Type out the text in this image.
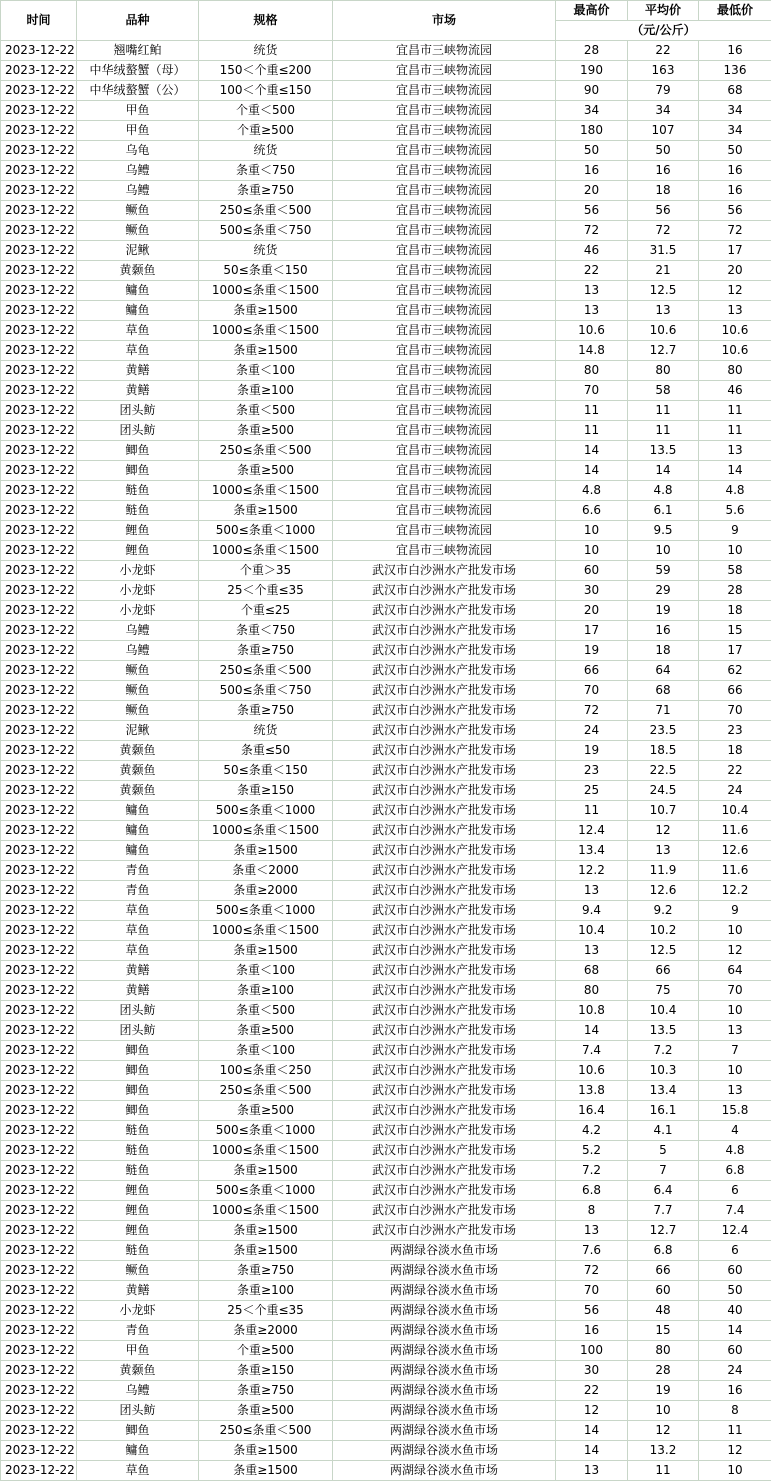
时间	品种	规格	市场	最高价	平均价	最低价
				（元/公斤）		
2023-12-22	翘嘴红鲌	统货	宜昌市三峡物流园	28	22	16
2023-12-22	中华绒螯蟹（母）	150＜个重≤200	宜昌市三峡物流园	190	163	136
2023-12-22	中华绒螯蟹（公）	100＜个重≤150	宜昌市三峡物流园	90	79	68
2023-12-22	甲鱼	个重＜500	宜昌市三峡物流园	34	34	34
2023-12-22	甲鱼	个重≥500	宜昌市三峡物流园	180	107	34
2023-12-22	乌龟	统货	宜昌市三峡物流园	50	50	50
2023-12-22	乌鳢	条重＜750	宜昌市三峡物流园	16	16	16
2023-12-22	乌鳢	条重≥750	宜昌市三峡物流园	20	18	16
2023-12-22	鳜鱼	250≤条重＜500	宜昌市三峡物流园	56	56	56
2023-12-22	鳜鱼	500≤条重＜750	宜昌市三峡物流园	72	72	72
2023-12-22	泥鳅	统货	宜昌市三峡物流园	46	31.5	17
2023-12-22	黄颡鱼	50≤条重＜150	宜昌市三峡物流园	22	21	20
2023-12-22	鳙鱼	1000≤条重＜1500	宜昌市三峡物流园	13	12.5	12
2023-12-22	鳙鱼	条重≥1500	宜昌市三峡物流园	13	13	13
2023-12-22	草鱼	1000≤条重＜1500	宜昌市三峡物流园	10.6	10.6	10.6
2023-12-22	草鱼	条重≥1500	宜昌市三峡物流园	14.8	12.7	10.6
2023-12-22	黄鳝	条重＜100	宜昌市三峡物流园	80	80	80
2023-12-22	黄鳝	条重≥100	宜昌市三峡物流园	70	58	46
2023-12-22	团头鲂	条重＜500	宜昌市三峡物流园	11	11	11
2023-12-22	团头鲂	条重≥500	宜昌市三峡物流园	11	11	11
2023-12-22	鲫鱼	250≤条重＜500	宜昌市三峡物流园	14	13.5	13
2023-12-22	鲫鱼	条重≥500	宜昌市三峡物流园	14	14	14
2023-12-22	鲢鱼	1000≤条重＜1500	宜昌市三峡物流园	4.8	4.8	4.8
2023-12-22	鲢鱼	条重≥1500	宜昌市三峡物流园	6.6	6.1	5.6
2023-12-22	鲤鱼	500≤条重＜1000	宜昌市三峡物流园	10	9.5	9
2023-12-22	鲤鱼	1000≤条重＜1500	宜昌市三峡物流园	10	10	10
2023-12-22	小龙虾	个重＞35	武汉市白沙洲水产批发市场	60	59	58
2023-12-22	小龙虾	25＜个重≤35	武汉市白沙洲水产批发市场	30	29	28
2023-12-22	小龙虾	个重≤25	武汉市白沙洲水产批发市场	20	19	18
2023-12-22	乌鳢	条重＜750	武汉市白沙洲水产批发市场	17	16	15
2023-12-22	乌鳢	条重≥750	武汉市白沙洲水产批发市场	19	18	17
2023-12-22	鳜鱼	250≤条重＜500	武汉市白沙洲水产批发市场	66	64	62
2023-12-22	鳜鱼	500≤条重＜750	武汉市白沙洲水产批发市场	70	68	66
2023-12-22	鳜鱼	条重≥750	武汉市白沙洲水产批发市场	72	71	70
2023-12-22	泥鳅	统货	武汉市白沙洲水产批发市场	24	23.5	23
2023-12-22	黄颡鱼	条重≤50	武汉市白沙洲水产批发市场	19	18.5	18
2023-12-22	黄颡鱼	50≤条重＜150	武汉市白沙洲水产批发市场	23	22.5	22
2023-12-22	黄颡鱼	条重≥150	武汉市白沙洲水产批发市场	25	24.5	24
2023-12-22	鳙鱼	500≤条重＜1000	武汉市白沙洲水产批发市场	11	10.7	10.4
2023-12-22	鳙鱼	1000≤条重＜1500	武汉市白沙洲水产批发市场	12.4	12	11.6
2023-12-22	鳙鱼	条重≥1500	武汉市白沙洲水产批发市场	13.4	13	12.6
2023-12-22	青鱼	条重＜2000	武汉市白沙洲水产批发市场	12.2	11.9	11.6
2023-12-22	青鱼	条重≥2000	武汉市白沙洲水产批发市场	13	12.6	12.2
2023-12-22	草鱼	500≤条重＜1000	武汉市白沙洲水产批发市场	9.4	9.2	9
2023-12-22	草鱼	1000≤条重＜1500	武汉市白沙洲水产批发市场	10.4	10.2	10
2023-12-22	草鱼	条重≥1500	武汉市白沙洲水产批发市场	13	12.5	12
2023-12-22	黄鳝	条重＜100	武汉市白沙洲水产批发市场	68	66	64
2023-12-22	黄鳝	条重≥100	武汉市白沙洲水产批发市场	80	75	70
2023-12-22	团头鲂	条重＜500	武汉市白沙洲水产批发市场	10.8	10.4	10
2023-12-22	团头鲂	条重≥500	武汉市白沙洲水产批发市场	14	13.5	13
2023-12-22	鲫鱼	条重＜100	武汉市白沙洲水产批发市场	7.4	7.2	7
2023-12-22	鲫鱼	100≤条重＜250	武汉市白沙洲水产批发市场	10.6	10.3	10
2023-12-22	鲫鱼	250≤条重＜500	武汉市白沙洲水产批发市场	13.8	13.4	13
2023-12-22	鲫鱼	条重≥500	武汉市白沙洲水产批发市场	16.4	16.1	15.8
2023-12-22	鲢鱼	500≤条重＜1000	武汉市白沙洲水产批发市场	4.2	4.1	4
2023-12-22	鲢鱼	1000≤条重＜1500	武汉市白沙洲水产批发市场	5.2	5	4.8
2023-12-22	鲢鱼	条重≥1500	武汉市白沙洲水产批发市场	7.2	7	6.8
2023-12-22	鲤鱼	500≤条重＜1000	武汉市白沙洲水产批发市场	6.8	6.4	6
2023-12-22	鲤鱼	1000≤条重＜1500	武汉市白沙洲水产批发市场	8	7.7	7.4
2023-12-22	鲤鱼	条重≥1500	武汉市白沙洲水产批发市场	13	12.7	12.4
2023-12-22	鲢鱼	条重≥1500	两湖绿谷淡水鱼市场	7.6	6.8	6
2023-12-22	鳜鱼	条重≥750	两湖绿谷淡水鱼市场	72	66	60
2023-12-22	黄鳝	条重≥100	两湖绿谷淡水鱼市场	70	60	50
2023-12-22	小龙虾	25＜个重≤35	两湖绿谷淡水鱼市场	56	48	40
2023-12-22	青鱼	条重≥2000	两湖绿谷淡水鱼市场	16	15	14
2023-12-22	甲鱼	个重≥500	两湖绿谷淡水鱼市场	100	80	60
2023-12-22	黄颡鱼	条重≥150	两湖绿谷淡水鱼市场	30	28	24
2023-12-22	乌鳢	条重≥750	两湖绿谷淡水鱼市场	22	19	16
2023-12-22	团头鲂	条重≥500	两湖绿谷淡水鱼市场	12	10	8
2023-12-22	鲫鱼	250≤条重＜500	两湖绿谷淡水鱼市场	14	12	11
2023-12-22	鳙鱼	条重≥1500	两湖绿谷淡水鱼市场	14	13.2	12
2023-12-22	草鱼	条重≥1500	两湖绿谷淡水鱼市场	13	11	10
